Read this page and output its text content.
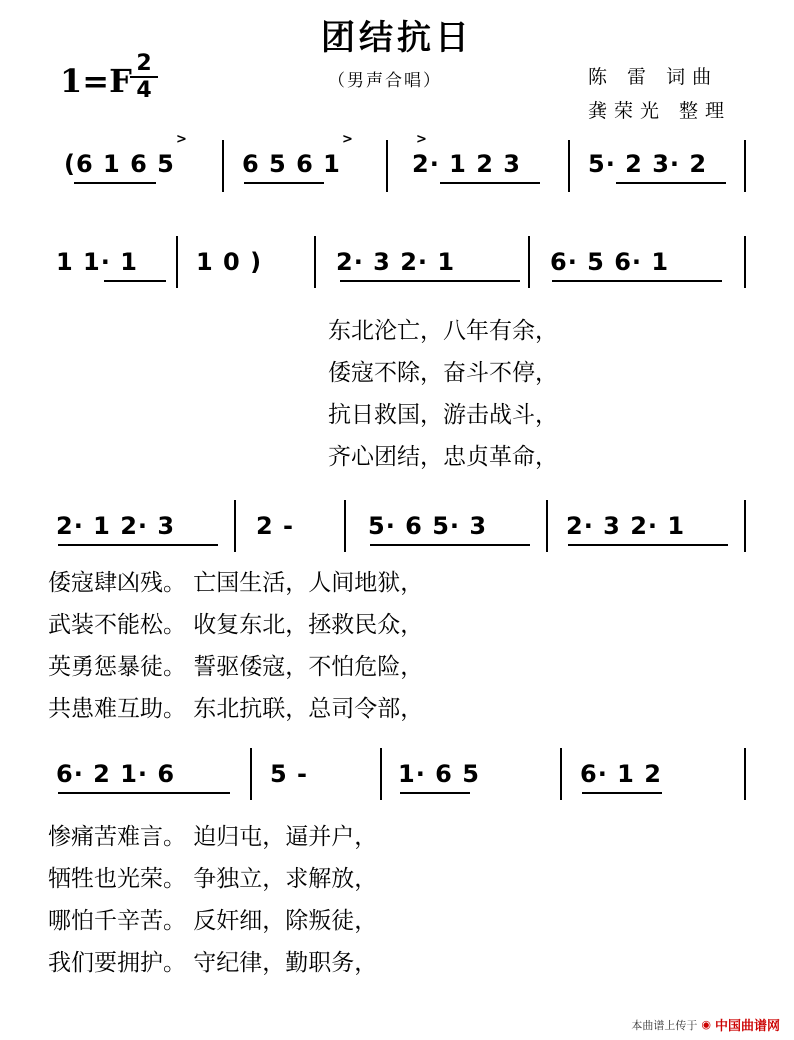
团结抗日
1=F 2
4	（男声合唱）	陈 雷 词曲
龚荣光 整理
(6 1 6 5	6 5 6 1	2· 1 2 3	5· 2 3· 2
>	>	>
1 1· 1 1 0 )	2· 3 2· 1	6· 5 6· 1
东北沦亡，八年有余，
倭寇不除，奋斗不停，
抗日救国，游击战斗，
齐心团结，忠贞革命，
2· 1 2· 3	2 -	5· 6 5· 3	2· 3 2· 1
倭寇肆凶残。 亡国生活，人间地狱，
武装不能松。 收复东北，拯救民众，
英勇惩暴徒。 誓驱倭寇，不怕危险，
共患难互助。 东北抗联，总司令部，
6· 2 1· 6	5 -	1· 6 5	6· 1 2
惨痛苦难言。 迫归屯，逼并户，
牺牲也光荣。 争独立，求解放，
哪怕千辛苦。 反奸细，除叛徒，
我们要拥护。 守纪律，勤职务，
本曲谱上传于 ◉ 中国曲谱网
